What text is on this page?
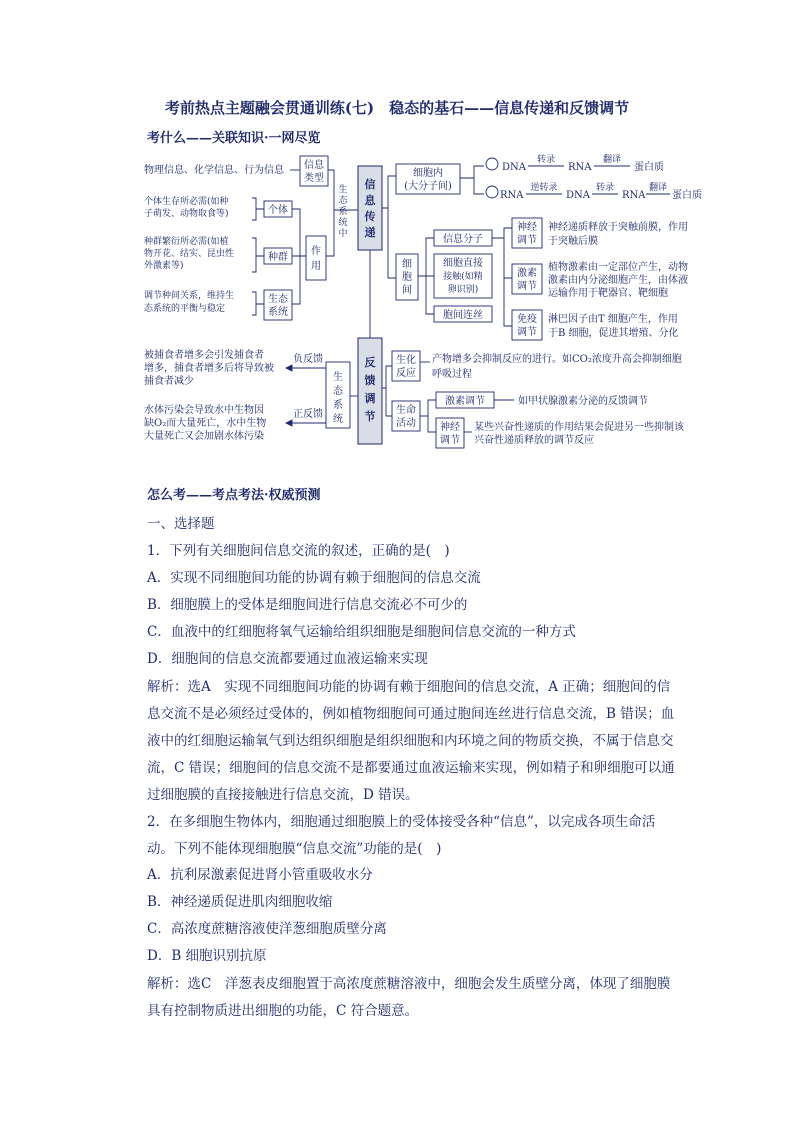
考前热点主题融会贯通训练(七)　稳态的基石——信息传递和反馈调节
考什么——关联知识·一网尽览
物理信息、化学信息、行为信息 信息
类型
个体生存所必需(如种
子萌发、动物取食等)	个体
种群繁衍所必需(如植
物开花、结实、昆虫性
外激素等)
种群
调节种间关系，维持生
态系统的平衡与稳定
生态
系统
作
用
生
态
系
统
中
信
息
传
递
细胞内
(大分子间)
DNA
转录
RNA
翻译
蛋白质
RNA
逆转录
DNA
转录
RNA
翻译
蛋白质
细
胞
间
信息分子
细胞直接
接触(如精
卵识别)
胞间连丝
神经
调节
神经递质释放于突触前膜，作用
于突触后膜
激素
调节
植物激素由一定部位产生，动物
激素由内分泌细胞产生，由体液
运输作用于靶器官、靶细胞
免疫
调节
淋巴因子由T 细胞产生，作用
于B 细胞，促进其增殖、分化
被捕食者增多会引发捕食者
增多，捕食者增多后将导致被
捕食者减少
负反馈
水体污染会导致水中生物因
缺O₂而大量死亡，水中生物
大量死亡又会加剧水体污染
正反馈
生
态
系
统
反
馈
调
节
生化
反应
产物增多会抑制反应的进行。如CO₂浓度升高会抑制细胞
呼吸过程
生命
活动
激素调节	如甲状腺激素分泌的反馈调节
神经
调节
某些兴奋性递质的作用结果会促进另一些抑制该
兴奋性递质释放的调节反应
怎么考——考点考法·权威预测
一、选择题
1．下列有关细胞间信息交流的叙述，正确的是(　)
A．实现不同细胞间功能的协调有赖于细胞间的信息交流
B．细胞膜上的受体是细胞间进行信息交流必不可少的
C．血液中的红细胞将氧气运输给组织细胞是细胞间信息交流的一种方式
D．细胞间的信息交流都要通过血液运输来实现
解析：选A　实现不同细胞间功能的协调有赖于细胞间的信息交流，A 正确；细胞间的信息交流不是必须经过受体的，例如植物细胞间可通过胞间连丝进行信息交流，B 错误；血液中的红细胞运输氧气到达组织细胞是组织细胞和内环境之间的物质交换，不属于信息交流，C 错误；细胞间的信息交流不是都要通过血液运输来实现，例如精子和卵细胞可以通过细胞膜的直接接触进行信息交流，D 错误。
2．在多细胞生物体内，细胞通过细胞膜上的受体接受各种“信息”，以完成各项生命活动。下列不能体现细胞膜“信息交流”功能的是(　)
A．抗利尿激素促进肾小管重吸收水分
B．神经递质促进肌肉细胞收缩
C．高浓度蔗糖溶液使洋葱细胞质壁分离
D．B 细胞识别抗原
解析：选C　洋葱表皮细胞置于高浓度蔗糖溶液中，细胞会发生质壁分离，体现了细胞膜具有控制物质进出细胞的功能，C 符合题意。
